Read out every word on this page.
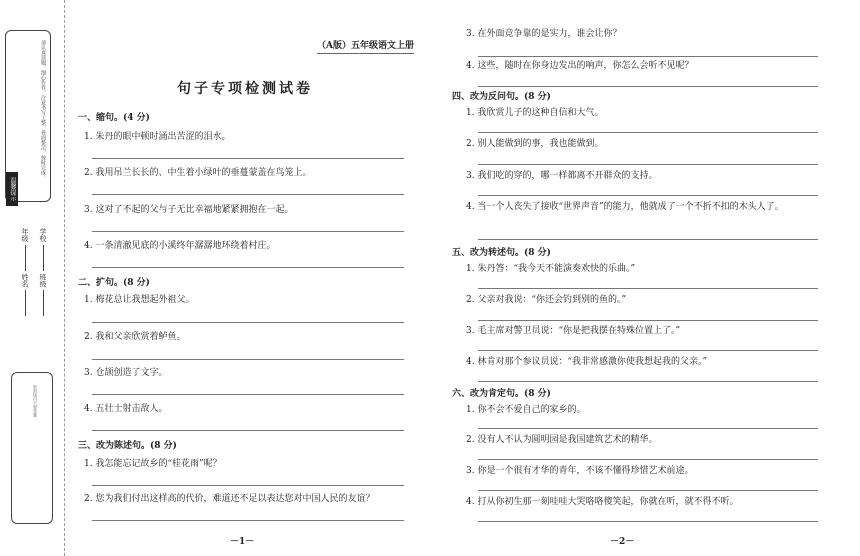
温馨提示
请认真读题，细心作答，注意书写工整，卷面整洁，按时完成。
学校 班级
年级 姓名
密封线内不要答题
（A版）五年级语文上册
句子专项检测试卷
一、缩句。(4 分)
1. 朱丹的眼中顿时涌出苦涩的泪水。
2. 我用吊兰长长的、中生着小绿叶的垂蔓蒙盖在鸟笼上。
3. 这对了不起的父与子无比幸福地紧紧拥抱在一起。
4. 一条清澈见底的小溪终年潺潺地环绕着村庄。
二、扩句。(8 分)
1. 梅花总让我想起外祖父。
2. 我和父亲欣赏着鲈鱼。
3. 仓颉创造了文字。
4. 五壮士射击敌人。
三、改为陈述句。(8 分)
1. 我怎能忘记故乡的“桂花雨”呢？
2. 您为我们付出这样高的代价，难道还不足以表达您对中国人民的友谊？
－1－
3. 在外面竞争靠的是实力，谁会让你？
4. 这些，随时在你身边发出的响声，你怎么会听不见呢？
四、改为反问句。(8 分)
1. 我欣赏儿子的这种自信和大气。
2. 别人能做到的事，我也能做到。
3. 我们吃的穿的，哪一样都离不开群众的支持。
4. 当一个人丧失了接收“世界声音”的能力，他就成了一个不折不扣的木头人了。
五、改为转述句。(8 分)
1. 朱丹答：“我今天不能演奏欢快的乐曲。”
2. 父亲对我说：“你还会钓到别的鱼的。”
3. 毛主席对警卫员说：“你是把我摆在特殊位置上了。”
4. 林肯对那个参议员说：“我非常感激你使我想起我的父亲。”
六、改为肯定句。(8 分)
1. 你不会不爱自己的家乡的。
2. 没有人不认为圆明园是我国建筑艺术的精华。
3. 你是一个很有才华的青年，不该不懂得珍惜艺术前途。
4. 打从你初生那一刻哇哇大哭咯咯傻笑起，你就在听，就不得不听。
－2－
